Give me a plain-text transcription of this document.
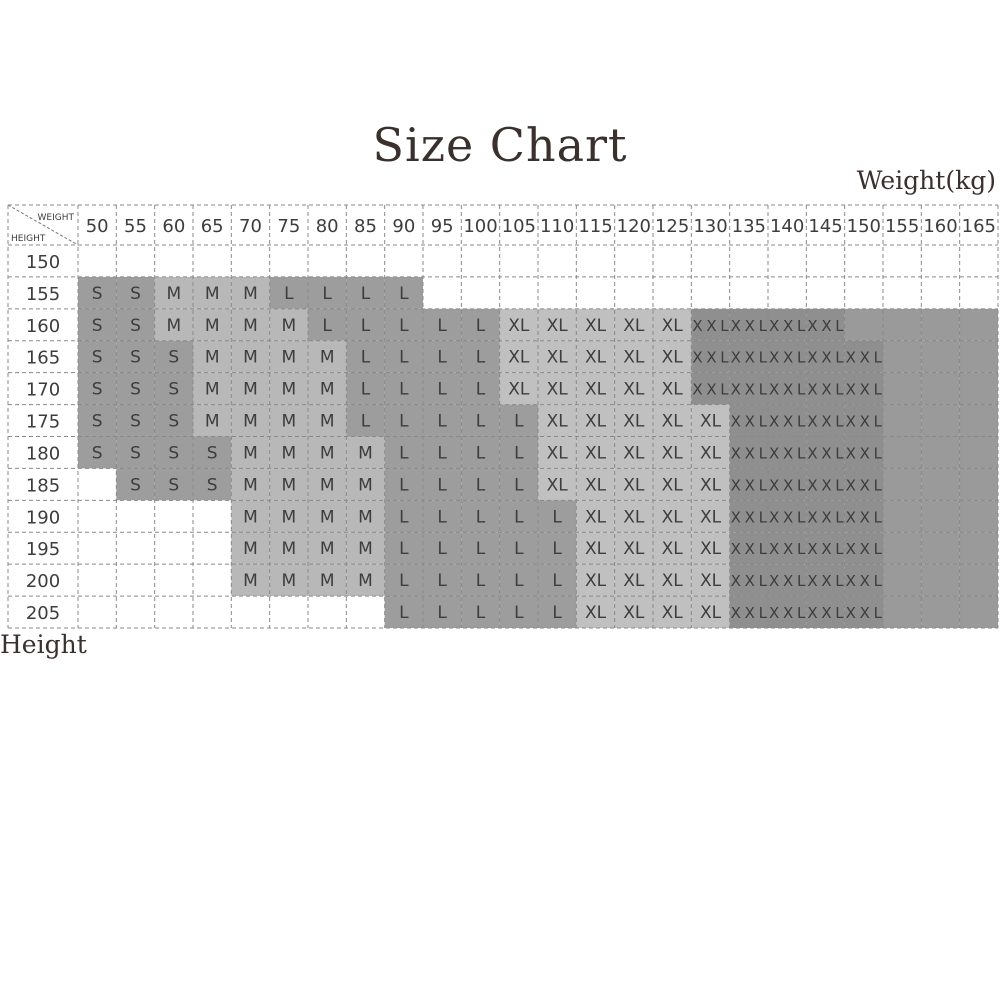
Size Chart
Weight(kg)
S S M M M L L L L
S S M M M M L L L L L XL XL XL XL XL XXL XXL XXL XXL
S S S M M M M L L L L XL XL XL XL XL XXL XXL XXL XXL XXL
S S S M M M M L L L L XL XL XL XL XL XXL XXL XXL XXL XXL
S S S M M M M L L L L L XL XL XL XL XL XXL XXL XXL XXL
S S S S M M M M L L L L XL XL XL XL XL XXL XXL XXL XXL
S S S M M M M L L L L XL XL XL XL XL XXL XXL XXL XXL
M M M M L L L L L XL XL XL XL XXL XXL XXL XXL
M M M M L L L L L XL XL XL XL XXL XXL XXL XXL
M M M M L L L L L XL XL XL XL XXL XXL XXL XXL
L L L L L XL XL XL XL XXL XXL XXL XXL
50 55 60 65 70 75 80 85 90 95 100 105 110 115 120 125 130 135 140 145 150 155 160 165
150
155
160
165
170
175
180
185
190
195
200
205
WEIGHT
HEIGHT
Height
